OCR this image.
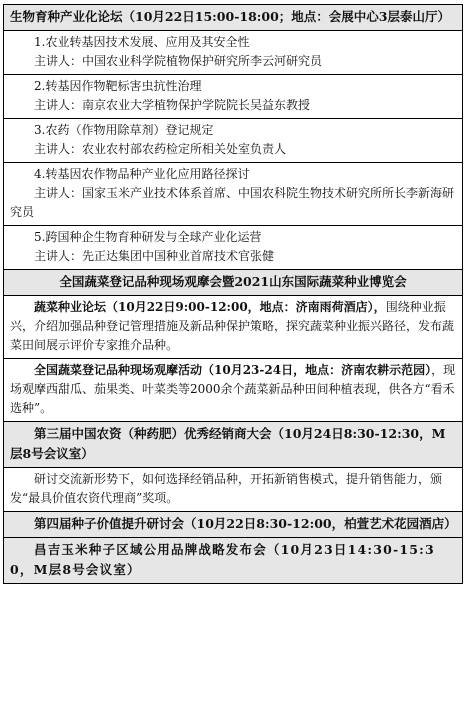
生物育种产业化论坛（10月22日15:00-18:00；地点：会展中心3层泰山厅）

1.农业转基因技术发展、应用及其安全性
主讲人：中国农业科学院植物保护研究所李云河研究员

2.转基因作物靶标害虫抗性治理
主讲人：南京农业大学植物保护学院院长吴益东教授

3.农药（作物用除草剂）登记规定
主讲人：农业农村部农药检定所相关处室负责人

4.转基因农作物品种产业化应用路径探讨
主讲人：国家玉米产业技术体系首席、中国农科院生物技术研究所所长李新海研究员

5.跨国种企生物育种研发与全球产业化运营
主讲人：先正达集团中国种业首席技术官张健

全国蔬菜登记品种现场观摩会暨2021山东国际蔬菜种业博览会

蔬菜种业论坛（10月22日9:00-12:00，地点：济南雨荷酒店），围绕种业振兴，介绍加强品种登记管理措施及新品种保护策略，探究蔬菜种业振兴路径，发布蔬菜田间展示评价专家推介品种。

全国蔬菜登记品种现场观摩活动（10月23-24日，地点：济南农耕示范园），现场观摩西甜瓜、茄果类、叶菜类等2000余个蔬菜新品种田间种植表现，供各方“看禾选种”。

第三届中国农资（种药肥）优秀经销商大会（10月24日8:30-12:30，M层8号会议室）

研讨交流新形势下，如何选择经销品种，开拓新销售模式，提升销售能力，颁发“最具价值农资代理商”奖项。

第四届种子价值提升研讨会（10月22日8:30-12:00，柏萱艺术花园酒店）

昌吉玉米种子区域公用品牌战略发布会（10月23日14:30-15:30，M层8号会议室）
